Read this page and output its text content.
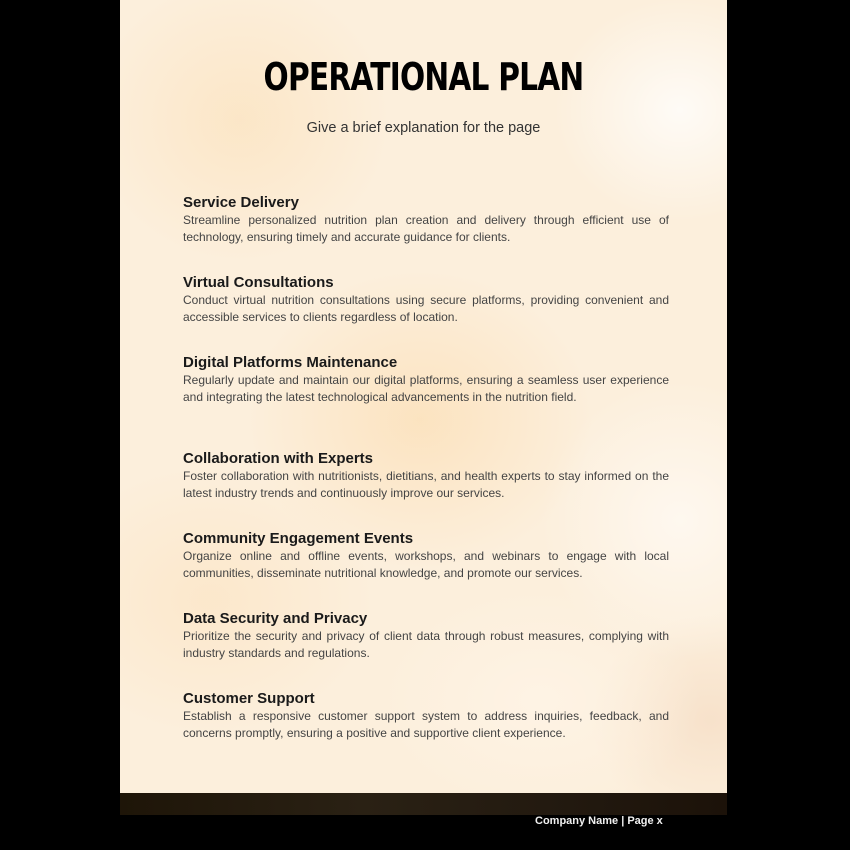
OPERATIONAL PLAN
Give a brief explanation for the page
Service Delivery

Streamline personalized nutrition plan creation and delivery through efficient use of technology, ensuring timely and accurate guidance for clients.

Virtual Consultations

Conduct virtual nutrition consultations using secure platforms, providing convenient and accessible services to clients regardless of location.

Digital Platforms Maintenance

Regularly update and maintain our digital platforms, ensuring a seamless user experience and integrating the latest technological advancements in the nutrition field.

Collaboration with Experts

Foster collaboration with nutritionists, dietitians, and health experts to stay informed on the latest industry trends and continuously improve our services.

Community Engagement Events

Organize online and offline events, workshops, and webinars to engage with local communities, disseminate nutritional knowledge, and promote our services.

Data Security and Privacy

Prioritize the security and privacy of client data through robust measures, complying with industry standards and regulations.

Customer Support

Establish a responsive customer support system to address inquiries, feedback, and concerns promptly, ensuring a positive and supportive client experience.

Company Name | Page x
